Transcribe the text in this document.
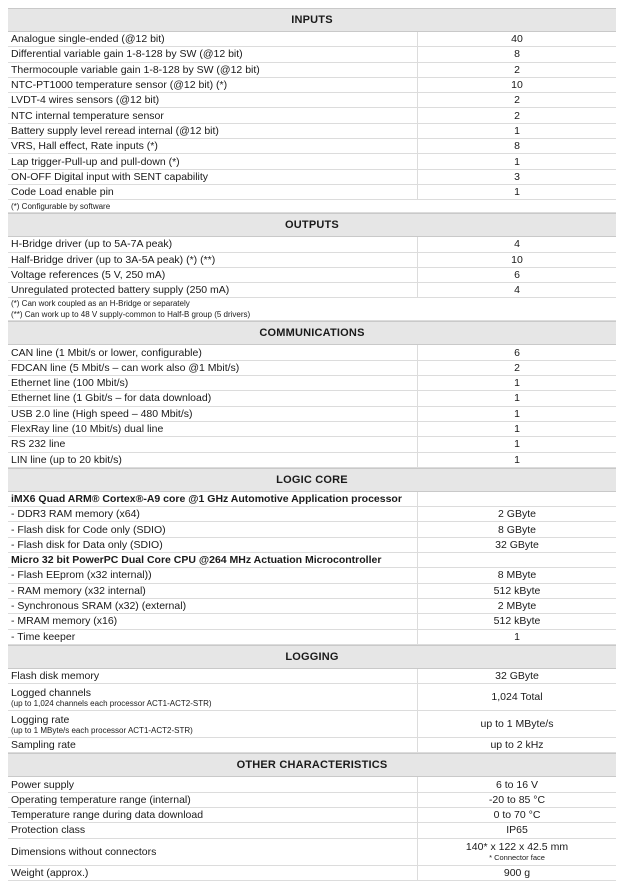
INPUTS
Analogue single-ended (@12 bit)	40
Differential variable gain 1-8-128 by SW (@12 bit)	8
Thermocouple variable gain 1-8-128 by SW (@12 bit)	2
NTC-PT1000 temperature sensor (@12 bit) (*)	10
LVDT-4 wires sensors (@12 bit)	2
NTC internal temperature sensor	2
Battery supply level reread internal (@12 bit)	1
VRS, Hall effect, Rate inputs (*)	8
Lap trigger-Pull-up and pull-down (*)	1
ON-OFF Digital input with SENT capability	3
Code Load enable pin	1
(*) Configurable by software
OUTPUTS
H-Bridge driver (up to 5A-7A peak)	4
Half-Bridge driver (up to 3A-5A peak) (*) (**)	10
Voltage references (5 V, 250 mA)	6
Unregulated protected battery supply (250 mA)	4
(*) Can work coupled as an H-Bridge or separately
(**) Can work up to 48 V supply-common to Half-B group (5 drivers)
COMMUNICATIONS
CAN line (1 Mbit/s or lower, configurable)	6
FDCAN line (5 Mbit/s – can work also @1 Mbit/s)	2
Ethernet line (100 Mbit/s)	1
Ethernet line (1 Gbit/s – for data download)	1
USB 2.0 line (High speed – 480 Mbit/s)	1
FlexRay line (10 Mbit/s) dual line	1
RS 232 line	1
LIN line (up to 20 kbit/s)	1
LOGIC CORE
iMX6 Quad ARM® Cortex®-A9 core @1 GHz Automotive Application processor
- DDR3 RAM memory (x64)	2 GByte
- Flash disk for Code only (SDIO)	8 GByte
- Flash disk for Data only (SDIO)	32 GByte
Micro 32 bit PowerPC Dual Core CPU @264 MHz Actuation Microcontroller
- Flash EEprom (x32 internal))	8 MByte
- RAM memory (x32 internal)	512 kByte
- Synchronous SRAM (x32) (external)	2 MByte
- MRAM memory (x16)	512 kByte
- Time keeper	1
LOGGING
Flash disk memory	32 GByte
Logged channels
(up to 1,024 channels each processor ACT1-ACT2-STR)	1,024 Total
Logging rate
(up to 1 MByte/s each processor ACT1-ACT2-STR)	up to 1 MByte/s
Sampling rate	up to 2 kHz
OTHER CHARACTERISTICS
Power supply	6 to 16 V
Operating temperature range (internal)	-20 to 85 °C
Temperature range during data download	0 to 70 °C
Protection class	IP65
Dimensions without connectors	140* x 122 x 42.5 mm
* Connector face
Weight (approx.)	900 g
